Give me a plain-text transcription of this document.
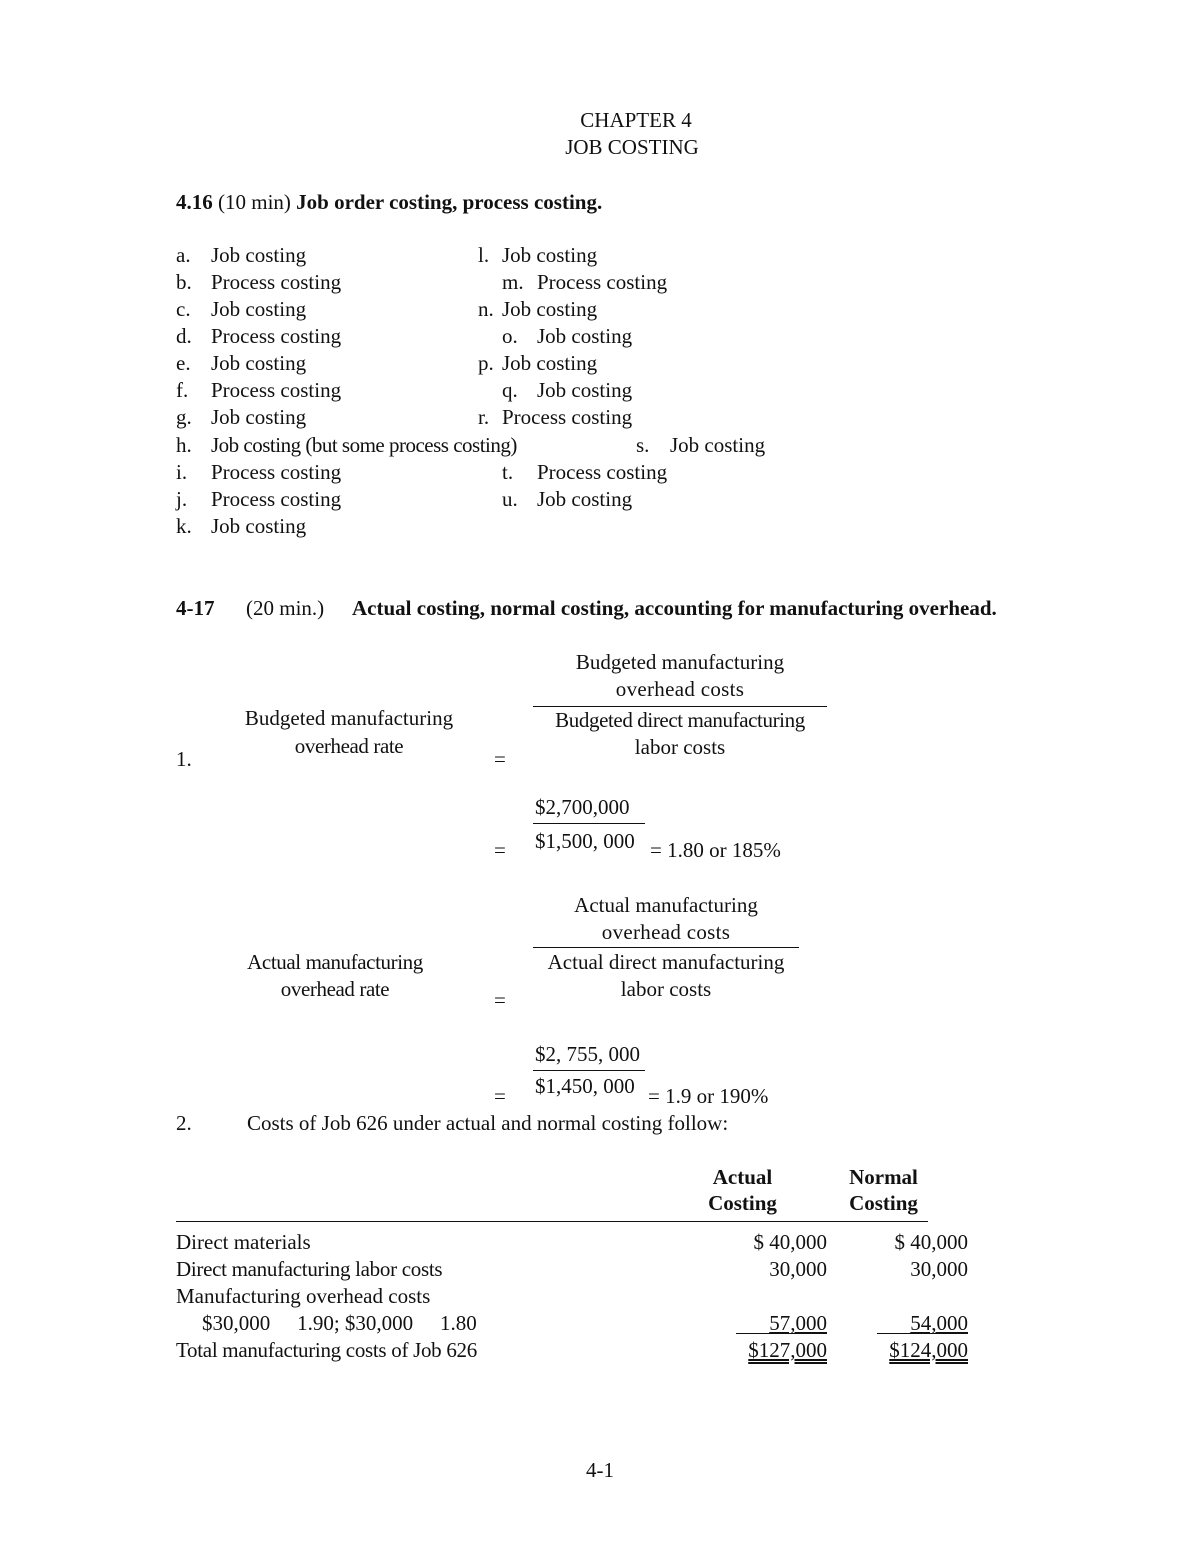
CHAPTER 4
JOB COSTING
4.16 (10 min) Job order costing, process costing.
a. Job costing
b. Process costing
c. Job costing
d. Process costing
e. Job costing
f. Process costing
g. Job costing
h. Job costing (but some process costing)
i. Process costing
j. Process costing
k. Job costing
l. Job costing
m. Process costing
n. Job costing
o. Job costing
p. Job costing
q. Job costing
r. Process costing
s. Job costing
t. Process costing
u. Job costing
4-17 (20 min.) Actual costing, normal costing, accounting for manufacturing overhead.
Budgeted manufacturing
overhead costs
Budgeted direct manufacturing
labor costs
Budgeted manufacturing
overhead rate
1.	=
$2,700,000
$1,500, 000
=	= 1.80 or 185%
Actual manufacturing
overhead costs
Actual direct manufacturing
labor costs
Actual manufacturing
overhead rate	=
$2, 755, 000
$1,450, 000
=	= 1.9 or 190%
2.	Costs of Job 626 under actual and normal costing follow:
Actual
Costing
Normal
Costing
Direct materials	$ 40,000	$ 40,000
Direct manufacturing labor costs	30,000	30,000
Manufacturing overhead costs
$30,000   1.90; $30,000   1.80	57,000	54,000
Total manufacturing costs of Job 626	$127,000	$124,000
4-1
